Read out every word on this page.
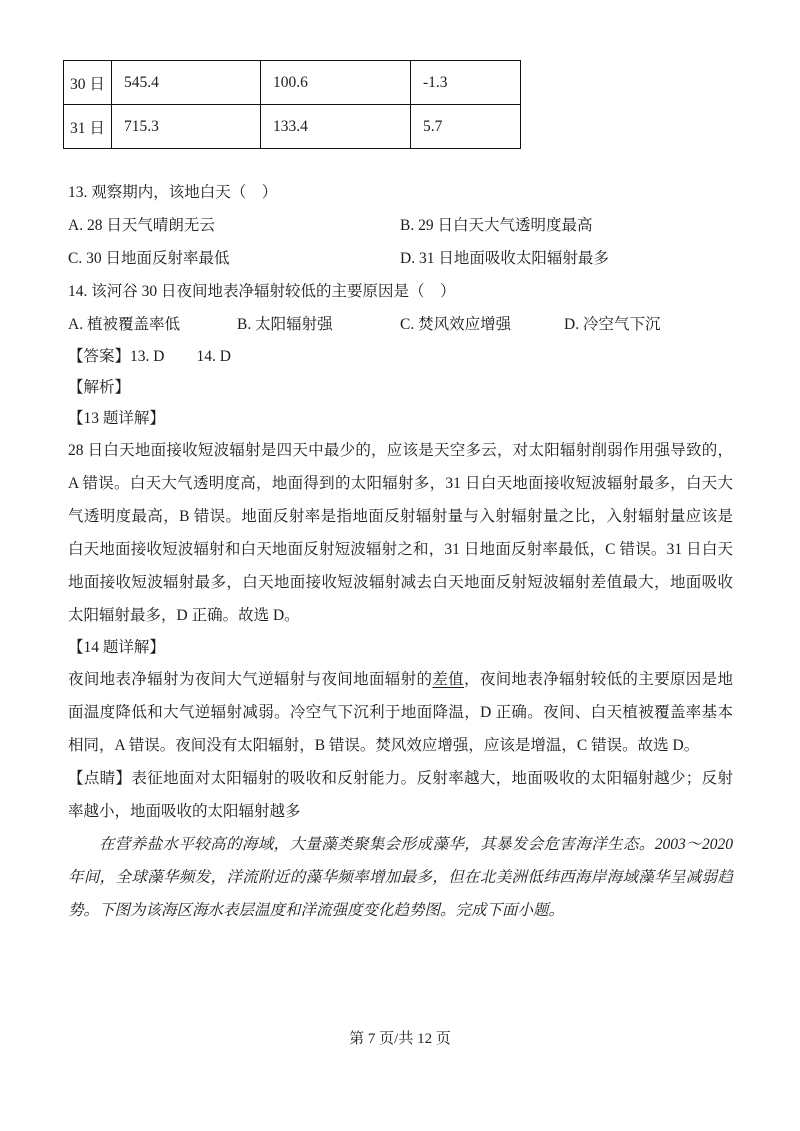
30 日	545.4	100.6	-1.3
31 日	715.3	133.4	5.7
13. 观察期内，该地白天（　）
A. 28 日天气晴朗无云	B. 29 日白天大气透明度最高
C. 30 日地面反射率最低	D. 31 日地面吸收太阳辐射最多
14. 该河谷 30 日夜间地表净辐射较低的主要原因是（　）
A. 植被覆盖率低	B. 太阳辐射强	C. 焚风效应增强	D. 冷空气下沉
【答案】13. D 14. D
【解析】
【13 题详解】
28 日白天地面接收短波辐射是四天中最少的，应该是天空多云，对太阳辐射削弱作用强导致的，A 错误。白天大气透明度高，地面得到的太阳辐射多，31 日白天地面接收短波辐射最多，白天大气透明度最高，B 错误。地面反射率是指地面反射辐射量与入射辐射量之比，入射辐射量应该是白天地面接收短波辐射和白天地面反射短波辐射之和，31 日地面反射率最低，C 错误。31 日白天地面接收短波辐射最多，白天地面接收短波辐射减去白天地面反射短波辐射差值最大，地面吸收太阳辐射最多，D 正确。故选 D。
【14 题详解】
夜间地表净辐射为夜间大气逆辐射与夜间地面辐射的差值，夜间地表净辐射较低的主要原因是地面温度降低和大气逆辐射减弱。冷空气下沉利于地面降温，D 正确。夜间、白天植被覆盖率基本相同，A 错误。夜间没有太阳辐射，B 错误。焚风效应增强，应该是增温，C 错误。故选 D。
【点睛】表征地面对太阳辐射的吸收和反射能力。反射率越大，地面吸收的太阳辐射越少；反射率越小，地面吸收的太阳辐射越多
在营养盐水平较高的海域，大量藻类聚集会形成藻华，其暴发会危害海洋生态。2003～2020 年间，全球藻华频发，洋流附近的藻华频率增加最多，但在北美洲低纬西海岸海域藻华呈减弱趋势。下图为该海区海水表层温度和洋流强度变化趋势图。完成下面小题。
第 7 页/共 12 页
